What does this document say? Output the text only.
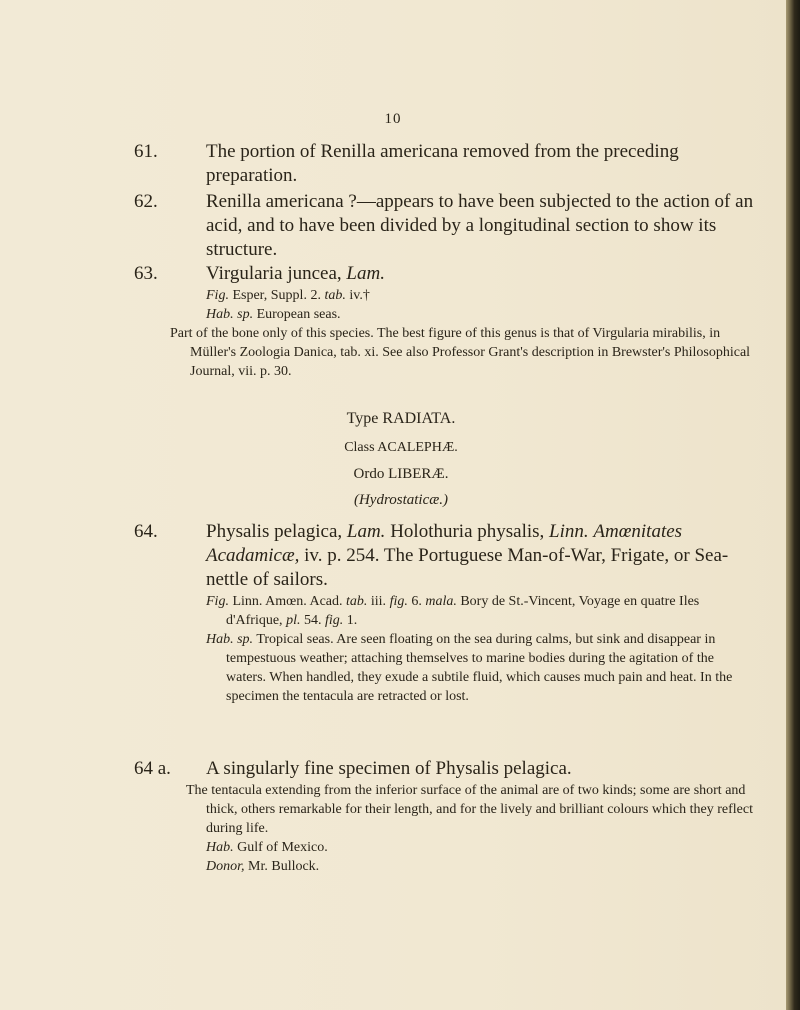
10
61.	The portion of Renilla americana removed from the preceding preparation.
62.	Renilla americana ?—appears to have been subjected to the action of an acid, and to have been divided by a longitudinal section to show its structure.
63.	Virgularia juncea, Lam.
Fig. Esper, Suppl. 2. tab. iv.†
Hab. sp. European seas.
Part of the bone only of this species. The best figure of this genus is that of Virgularia mirabilis, in Müller's Zoologia Danica, tab. xi. See also Professor Grant's description in Brewster's Philosophical Journal, vii. p. 30.
Type RADIATA.
Class ACALEPHÆ.
Ordo LIBERÆ.
(Hydrostaticæ.)
64.	Physalis pelagica, Lam. Holothuria physalis, Linn. Amœnitates Acadamicæ, iv. p. 254. The Portuguese Man-of-War, Frigate, or Sea-nettle of sailors.
Fig. Linn. Amœn. Acad. tab. iii. fig. 6. mala. Bory de St.-Vincent, Voyage en quatre Iles d'Afrique, pl. 54. fig. 1.
Hab. sp. Tropical seas. Are seen floating on the sea during calms, but sink and disappear in tempestuous weather; attaching themselves to marine bodies during the agitation of the waters. When handled, they exude a subtile fluid, which causes much pain and heat. In the specimen the tentacula are retracted or lost.
64 a. A singularly fine specimen of Physalis pelagica.
The tentacula extending from the inferior surface of the animal are of two kinds; some are short and thick, others remarkable for their length, and for the lively and brilliant colours which they reflect during life.
Hab. Gulf of Mexico.
Donor, Mr. Bullock.
